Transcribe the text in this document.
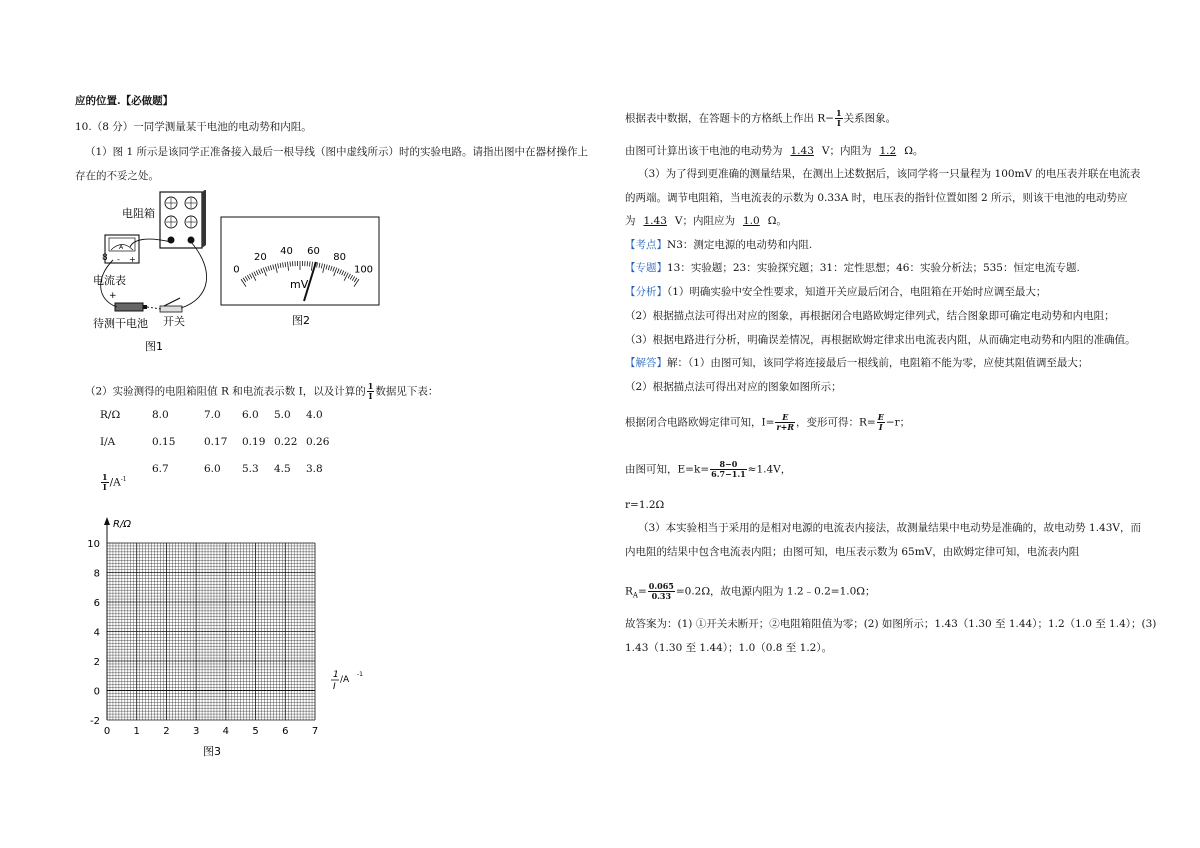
应的位置.【必做题】
10.（8 分）一同学测量某干电池的电动势和内阻。
（1）图 1 所示是该同学正准备接入最后一根导线（图中虚线所示）时的实验电路。请指出图中在器材操作上
存在的不妥之处。
电阻箱
A
8 - +
电流表
+
待测干电池 开关
图1
0
20
40 60
80
100
mV
图2
（2）实验测得的电阻箱阻值 R 和电流表示数 I，以及计算的 $\frac{1}{I}$ 数据见下表：
R/Ω	8.0	7.0	6.0	5.0	4.0
I/A	0.15	0.17	0.19	0.22	0.26

$\frac{1}{I} /A^{-1}$	6.7	6.0	5.3	4.5	3.8
R/Ω
10
8
6
4
2
0
-2
0 1 2 3 4 5 6 7
1
I
/A
-1
图3
根据表中数据，在答题卡的方格纸上作出 $R- \frac{1}{I}$ 关系图象。
由图可计算出该干电池的电动势为 1.43 V；内阻为 1.2 Ω。
（3）为了得到更准确的测量结果，在测出上述数据后，该同学将一只量程为 100mV 的电压表并联在电流表
的两端。调节电阻箱，当电流表的示数为 0.33A 时，电压表的指针位置如图 2 所示，则该干电池的电动势应
为 1.43 V；内阻应为 1.0 Ω。
【考点】N3：测定电源的电动势和内阻.
【专题】13：实验题；23：实验探究题；31：定性思想；46：实验分析法；535：恒定电流专题.
【分析】（1）明确实验中安全性要求，知道开关应最后闭合，电阻箱在开始时应调至最大；
（2）根据描点法可得出对应的图象，再根据闭合电路欧姆定律列式，结合图象即可确定电动势和内电阻；
（3）根据电路进行分析，明确误差情况，再根据欧姆定律求出电流表内阻，从而确定电动势和内阻的准确值。
【解答】解：（1）由图可知，该同学将连接最后一根线前，电阻箱不能为零，应使其阻值调至最大；
（2）根据描点法可得出对应的图象如图所示；
根据闭合电路欧姆定律可知，$I= \frac{E}{r+R}$ ，变形可得：$R= \frac{E}{I} -r$；
由图可知，$E=k= \frac{8-0}{6.7-1.1} \approx 1.4V$，
r=1.2Ω
（3）本实验相当于采用的是相对电源的电流表内接法，故测量结果中电动势是准确的，故电动势 1.43V，而
内电阻的结果中包含电流表内阻；由图可知，电压表示数为 65mV，由欧姆定律可知，电流表内阻
$R_A= \frac{0.065}{0.33} =0.2\Omega$，故电源内阻为 1.2﹣0.2=1.0Ω；
故答案为：(1) ①开关未断开；②电阻箱阻值为零；(2) 如图所示；1.43（1.30 至 1.44）；1.2（1.0 至 1.4）；(3)
1.43（1.30 至 1.44）；1.0（0.8 至 1.2）。
